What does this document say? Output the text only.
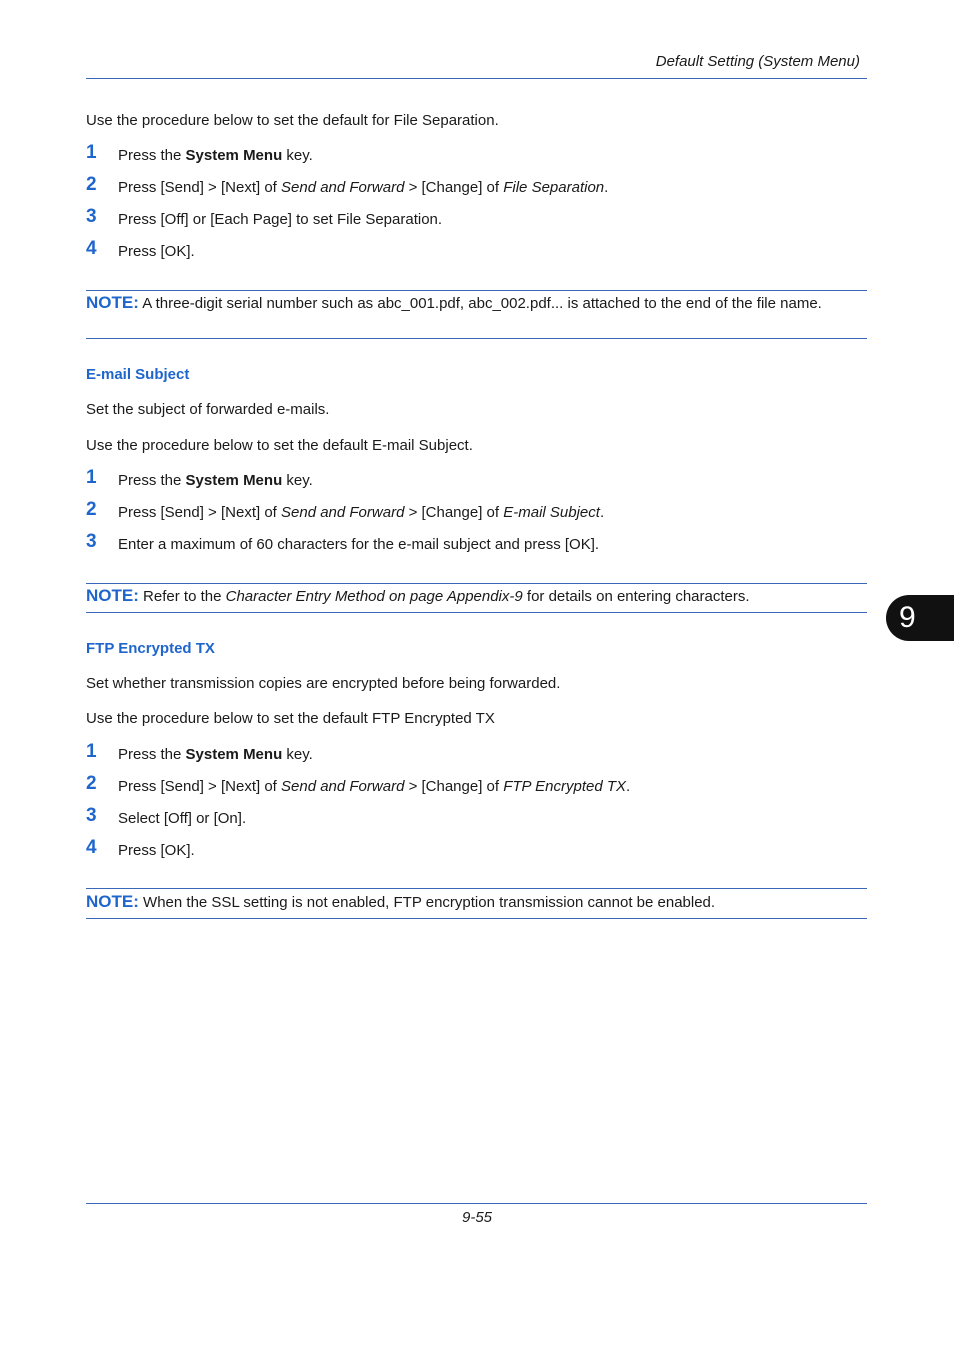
Default Setting (System Menu)
Use the procedure below to set the default for File Separation.
1	Press the System Menu key.
2	Press [Send] > [Next] of Send and Forward > [Change] of File Separation.
3	Press [Off] or [Each Page] to set File Separation.
4	Press [OK].
NOTE: A three-digit serial number such as abc_001.pdf, abc_002.pdf... is attached to the end of the file name.
E-mail Subject
Set the subject of forwarded e-mails.
Use the procedure below to set the default E-mail Subject.
1	Press the System Menu key.
2	Press [Send] > [Next] of Send and Forward > [Change] of E-mail Subject.
3	Enter a maximum of 60 characters for the e-mail subject and press [OK].
NOTE: Refer to the Character Entry Method on page Appendix-9 for details on entering characters.
FTP Encrypted TX
Set whether transmission copies are encrypted before being forwarded.
Use the procedure below to set the default FTP Encrypted TX
1	Press the System Menu key.
2	Press [Send] > [Next] of Send and Forward > [Change] of FTP Encrypted TX.
3	Select [Off] or [On].
4	Press [OK].
NOTE: When the SSL setting is not enabled, FTP encryption transmission cannot be enabled.
9
9-55
